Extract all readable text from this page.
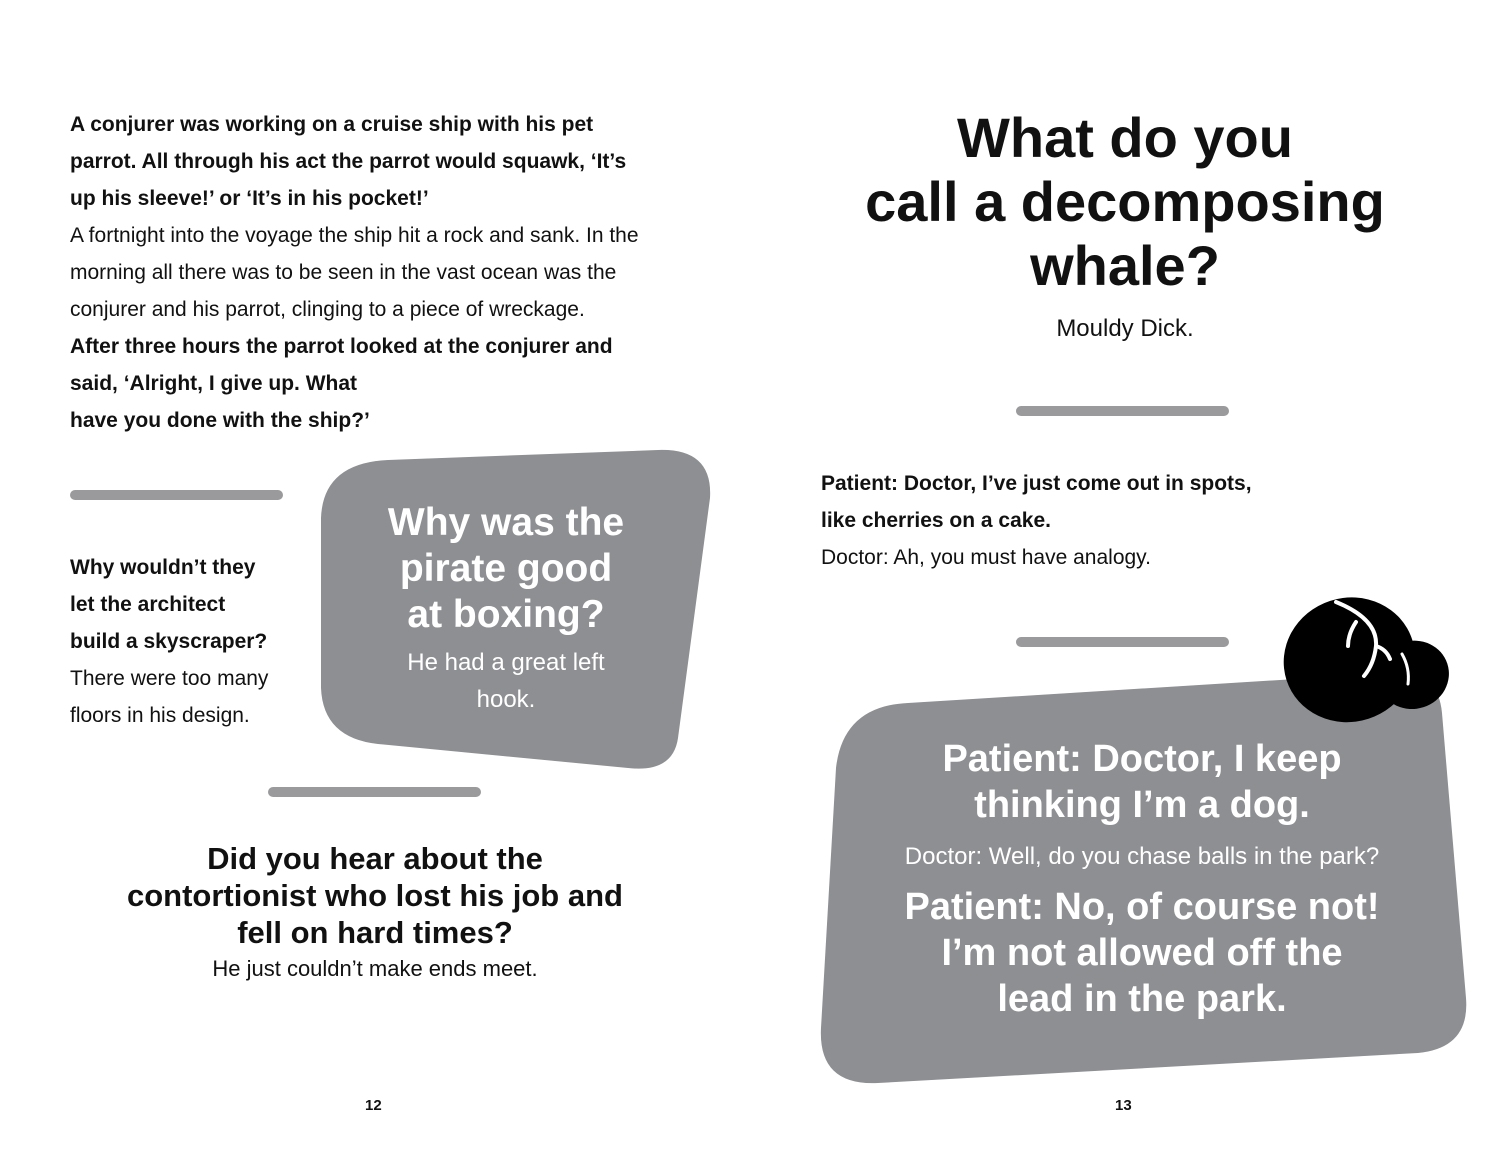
A conjurer was working on a cruise ship with his pet

parrot. All through his act the parrot would squawk, ‘It’s

up his sleeve!’ or ‘It’s in his pocket!’

A fortnight into the voyage the ship hit a rock and sank. In the

morning all there was to be seen in the vast ocean was the

conjurer and his parrot, clinging to a piece of wreckage.

After three hours the parrot looked at the conjurer and

said, ‘Alright, I give up. What

have you done with the ship?’

Why wouldn’t they

let the architect

build a skyscraper?

There were too many

floors in his design.

Why was the
pirate good
at boxing?
He had a great left
hook.
Did you hear about the
contortionist who lost his job and
fell on hard times?
He just couldn’t make ends meet.
12
What do you
call a decomposing
whale?
Mouldy Dick.

Patient: Doctor, I’ve just come out in spots,

like cherries on a cake.

Doctor: Ah, you must have analogy.

Patient: Doctor, I keep
thinking I’m a dog.
Doctor: Well, do you chase balls in the park?
Patient: No, of course not!
I’m not allowed off the
lead in the park.
13
